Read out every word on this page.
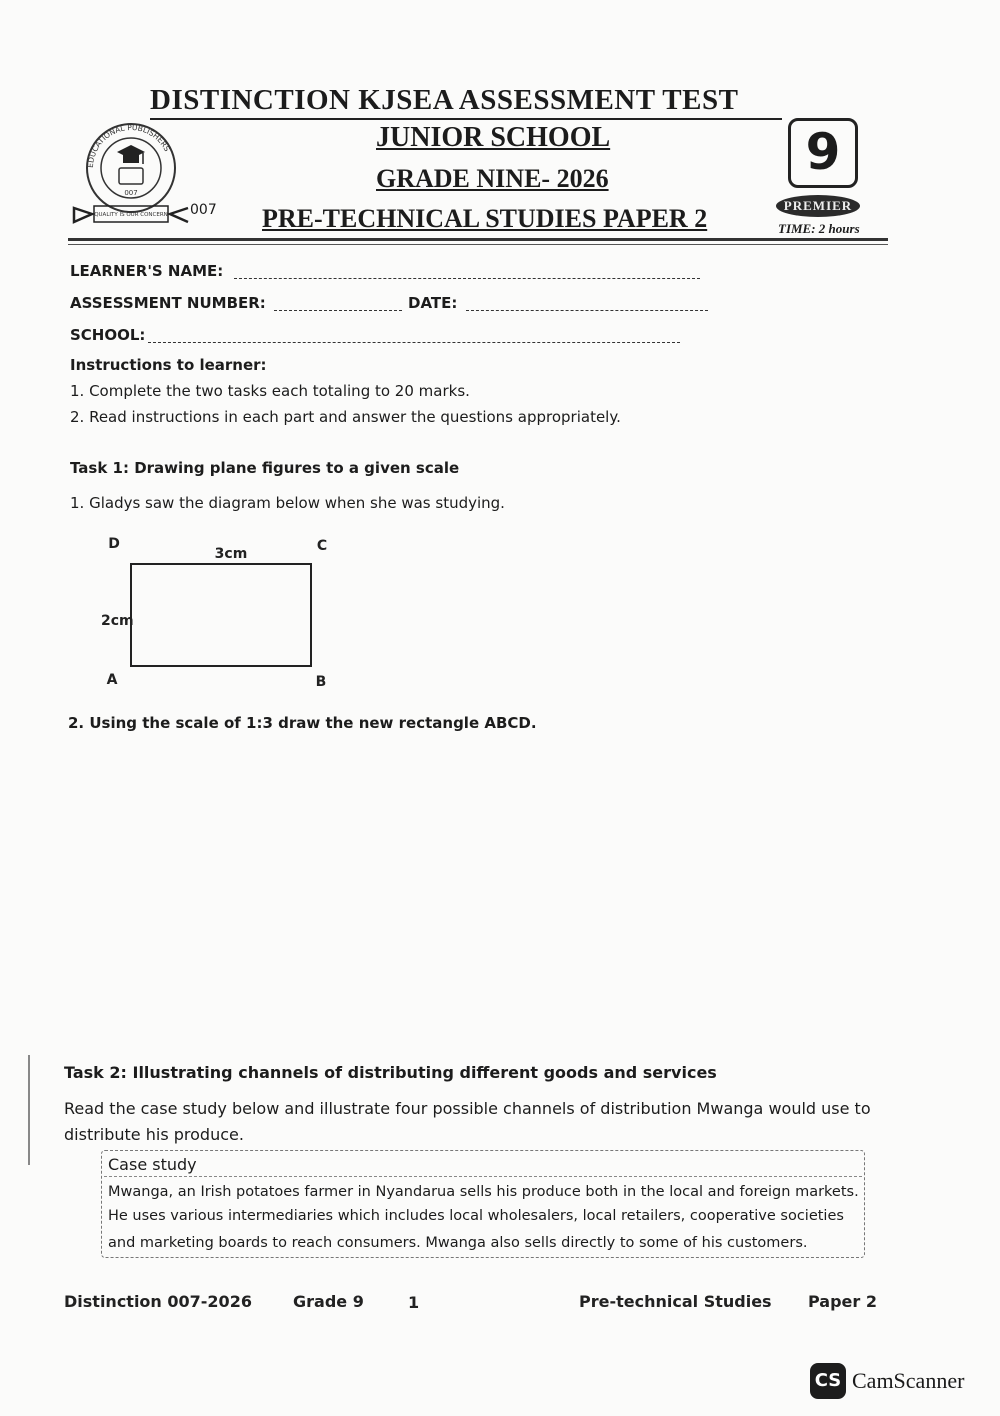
DISTINCTION KJSEA ASSESSMENT TEST
JUNIOR SCHOOL
GRADE NINE- 2026
PRE-TECHNICAL STUDIES PAPER 2
EDUCATIONAL PUBLISHERS
007
QUALITY IS OUR CONCERN 007
9
PREMIER
TIME: 2 hours
LEARNER'S NAME:
ASSESSMENT NUMBER:	DATE:
SCHOOL:
Instructions to learner:
1. Complete the two tasks each totaling to 20 marks.
2. Read instructions in each part and answer the questions appropriately.
Task 1: Drawing plane figures to a given scale
1. Gladys saw the diagram below when she was studying.
D	C
3cm
2cm
A	B
2. Using the scale of 1:3 draw the new rectangle ABCD.
Task 2: Illustrating channels of distributing different goods and services
Read the case study below and illustrate four possible channels of distribution Mwanga would use to
distribute his produce.
Case study
Mwanga, an Irish potatoes farmer in Nyandarua sells his produce both in the local and foreign markets.
He uses various intermediaries which includes local wholesalers, local retailers, cooperative societies
and marketing boards to reach consumers. Mwanga also sells directly to some of his customers.
Distinction 007-2026	Grade 9	1	Pre-technical Studies Paper 2
CS CamScanner
